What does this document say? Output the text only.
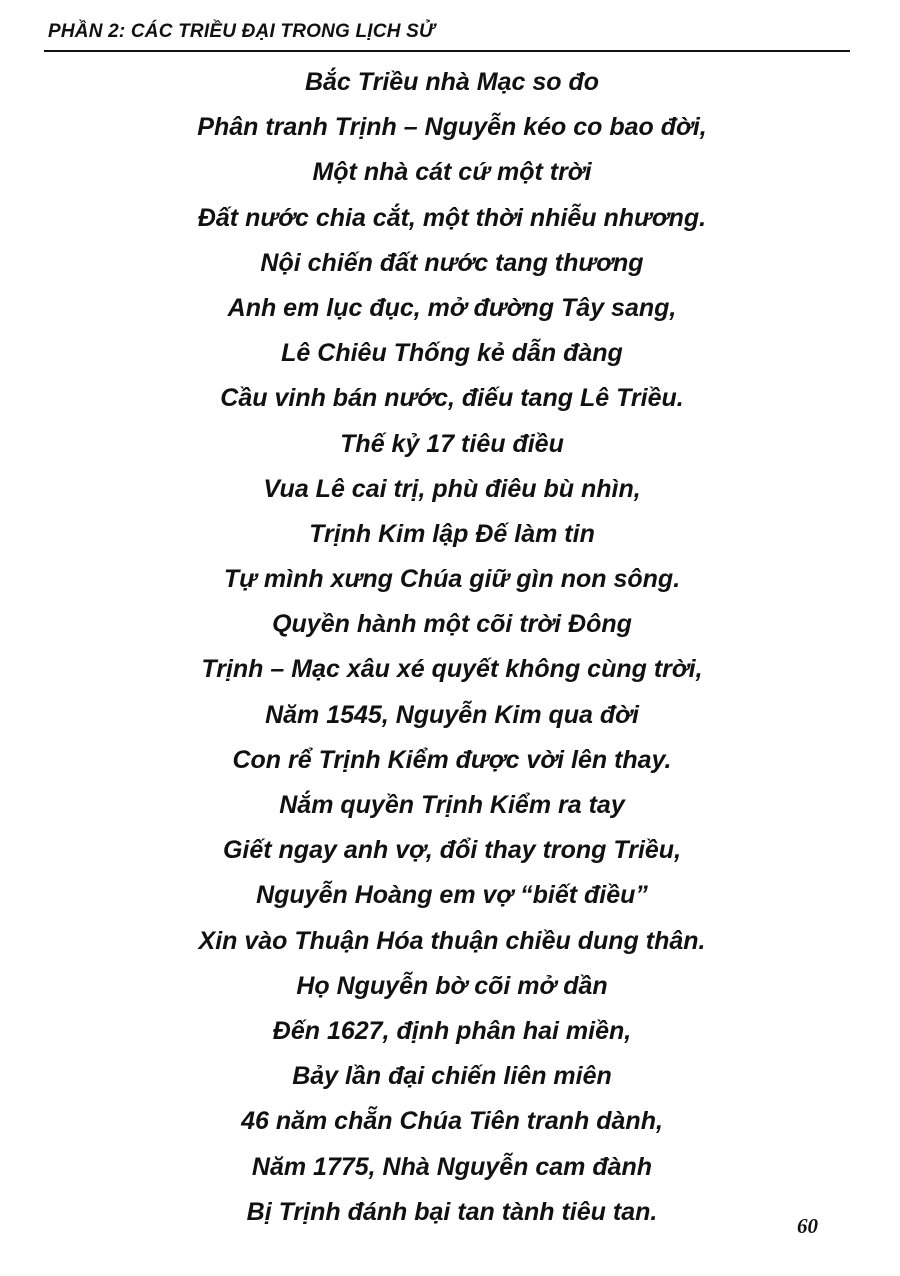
PHẦN 2: CÁC TRIỀU ĐẠI TRONG LỊCH SỬ
Bắc Triều nhà Mạc so đo
Phân tranh Trịnh – Nguyễn kéo co bao đời,
Một nhà cát cứ một trời
Đất nước chia cắt, một thời nhiễu nhương.
Nội chiến đất nước tang thương
Anh em lục đục, mở đường Tây sang,
Lê Chiêu Thống kẻ dẫn đàng
Cầu vinh bán nước, điếu tang Lê Triều.
Thế kỷ 17 tiêu điều
Vua Lê cai trị, phù điêu bù nhìn,
Trịnh Kim lập Đế làm tin
Tự mình xưng Chúa giữ gìn non sông.
Quyền hành một cõi trời Đông
Trịnh – Mạc xâu xé quyết không cùng trời,
Năm 1545, Nguyễn Kim qua đời
Con rể Trịnh Kiểm được vời lên thay.
Nắm quyền Trịnh Kiểm ra tay
Giết ngay anh vợ, đổi thay trong Triều,
Nguyễn Hoàng em vợ “biết điều”
Xin vào Thuận Hóa thuận chiều dung thân.
Họ Nguyễn bờ cõi mở dần
Đến 1627, định phân hai miền,
Bảy lần đại chiến liên miên
46 năm chẵn Chúa Tiên tranh dành,
Năm 1775, Nhà Nguyễn cam đành
Bị Trịnh đánh bại tan tành tiêu tan.
60
